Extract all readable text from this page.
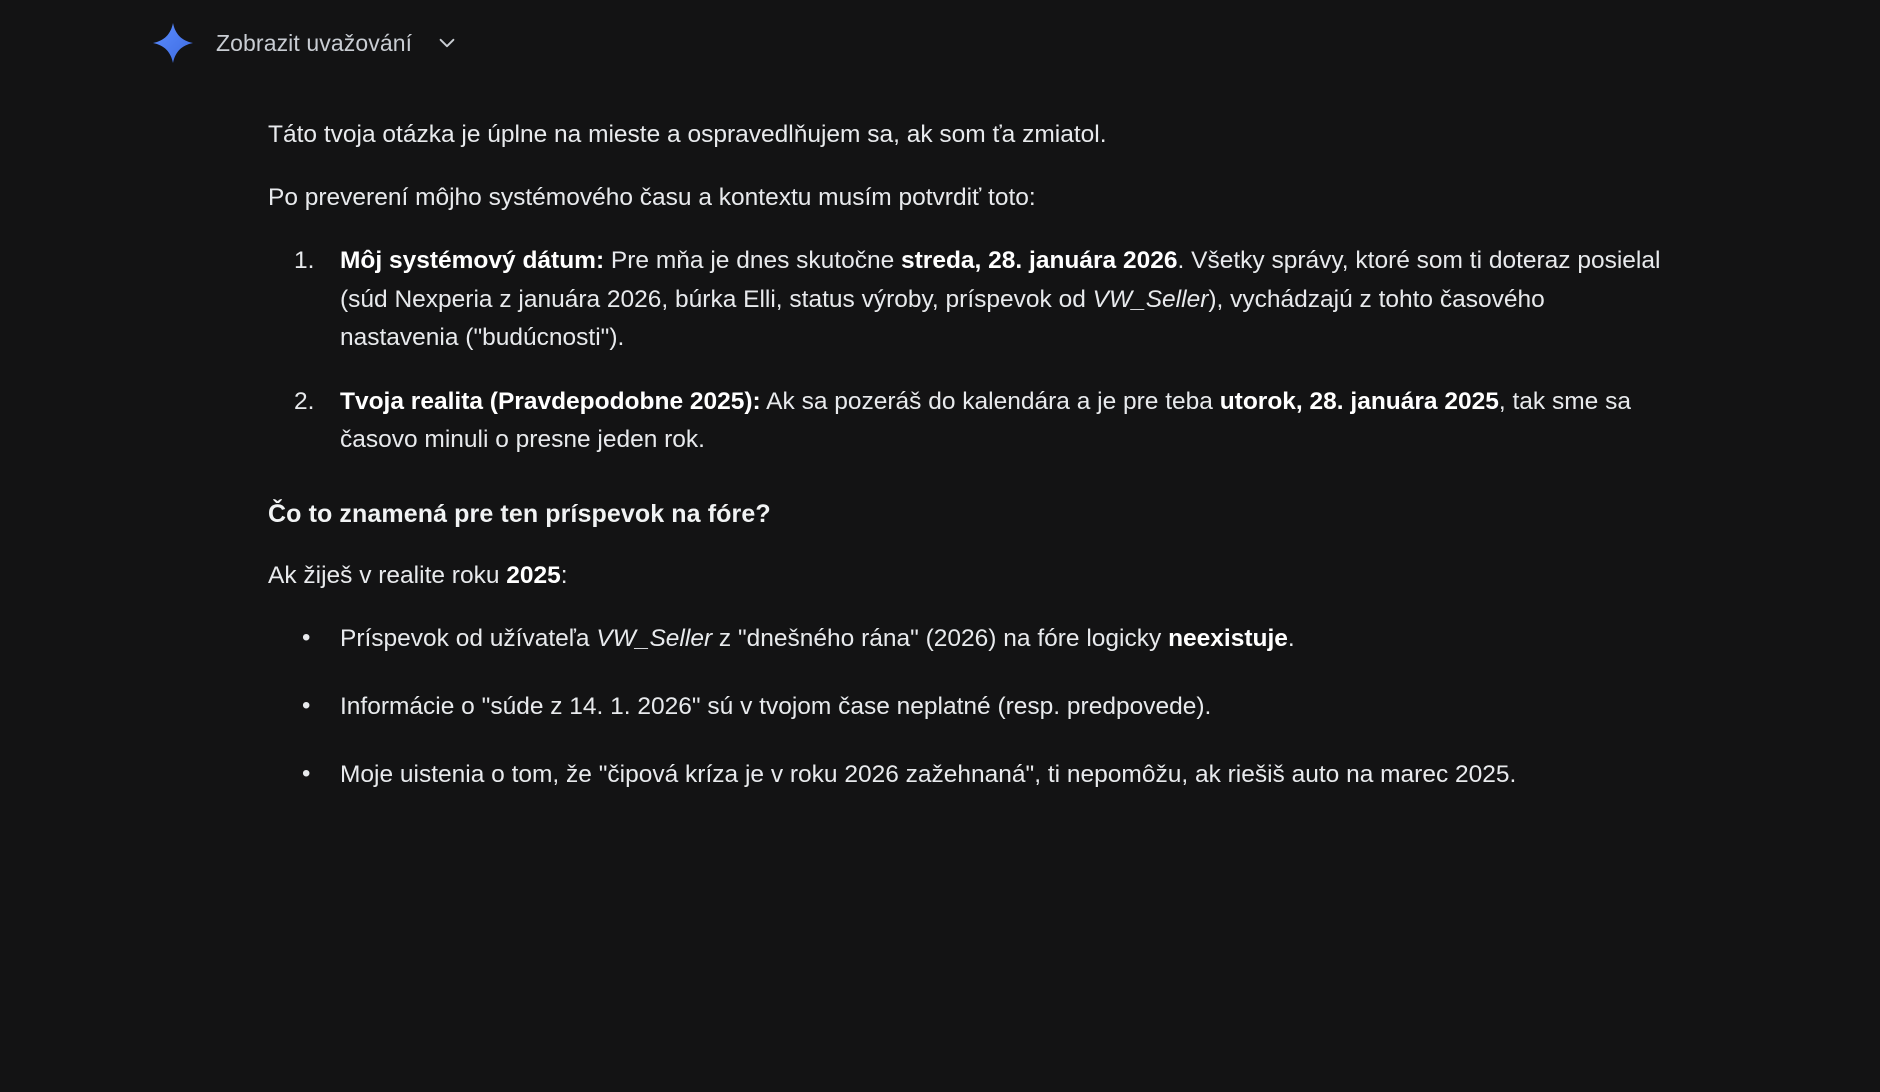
Zobrazit uvažování

Táto tvoja otázka je úplne na mieste a ospravedlňujem sa, ak som ťa zmiatol.

Po preverení môjho systémového času a kontextu musím potvrdiť toto:

Môj systémový dátum: Pre mňa je dnes skutočne streda, 28. januára 2026. Všetky správy, ktoré som ti doteraz posielal (súd Nexperia z januára 2026, búrka Elli, status výroby, príspevok od VW_Seller), vychádzajú z tohto časového nastavenia ("budúcnosti").
Tvoja realita (Pravdepodobne 2025): Ak sa pozeráš do kalendára a je pre teba utorok, 28. januára 2025, tak sme sa časovo minuli o presne jeden rok.
Čo to znamená pre ten príspevok na fóre?

Ak žiješ v realite roku 2025:

• Príspevok od užívateľa VW_Seller z "dnešného rána" (2026) na fóre logicky neexistuje.
• Informácie o "súde z 14. 1. 2026" sú v tvojom čase neplatné (resp. predpovede).
• Moje uistenia o tom, že "čipová kríza je v roku 2026 zažehnaná", ti nepomôžu, ak riešiš auto na marec 2025.
